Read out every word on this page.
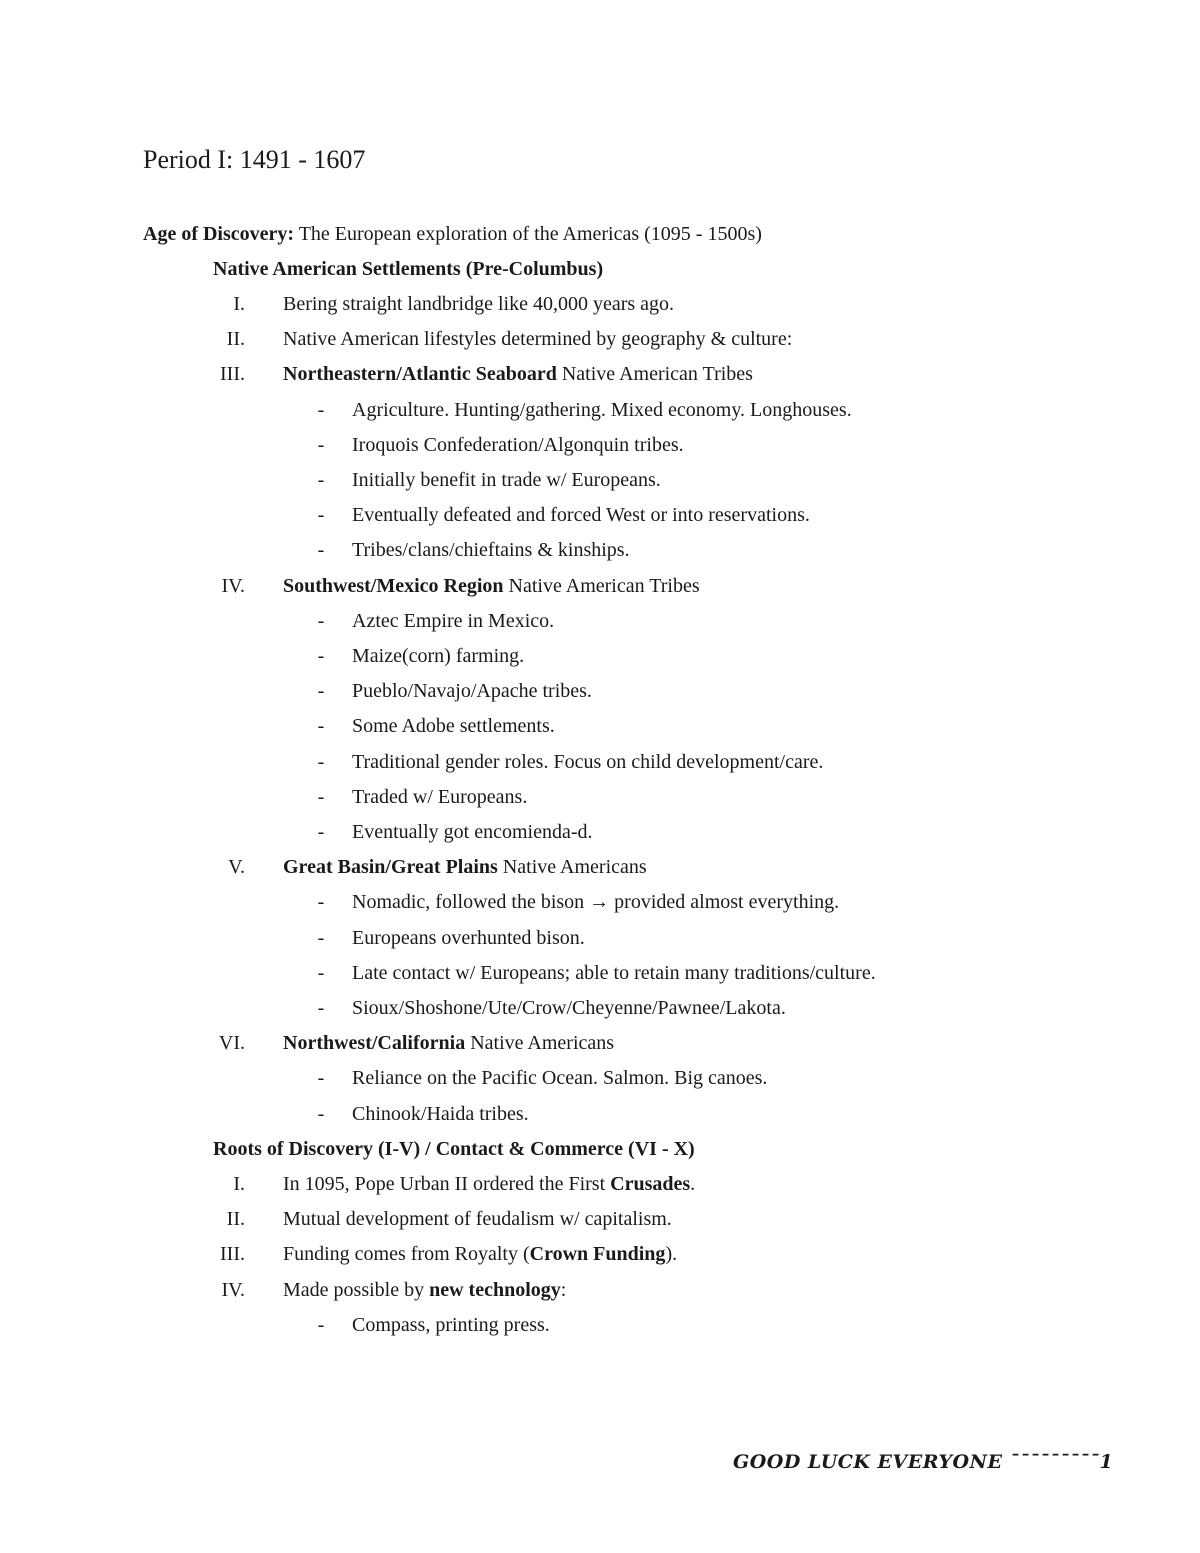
Period I: 1491 - 1607
Age of Discovery: The European exploration of the Americas (1095 - 1500s)
Native American Settlements (Pre-Columbus)
I. Bering straight landbridge like 40,000 years ago.
II. Native American lifestyles determined by geography & culture:
III. Northeastern/Atlantic Seaboard Native American Tribes
- Agriculture. Hunting/gathering. Mixed economy. Longhouses.
- Iroquois Confederation/Algonquin tribes.
- Initially benefit in trade w/ Europeans.
- Eventually defeated and forced West or into reservations.
- Tribes/clans/chieftains & kinships.
IV. Southwest/Mexico Region Native American Tribes
- Aztec Empire in Mexico.
- Maize(corn) farming.
- Pueblo/Navajo/Apache tribes.
- Some Adobe settlements.
- Traditional gender roles. Focus on child development/care.
- Traded w/ Europeans.
- Eventually got encomienda-d.
V. Great Basin/Great Plains Native Americans
- Nomadic, followed the bison → provided almost everything.
- Europeans overhunted bison.
- Late contact w/ Europeans; able to retain many traditions/culture.
- Sioux/Shoshone/Ute/Crow/Cheyenne/Pawnee/Lakota.
VI. Northwest/California Native Americans
- Reliance on the Pacific Ocean. Salmon. Big canoes.
- Chinook/Haida tribes.
Roots of Discovery (I-V) / Contact & Commerce (VI - X)
I. In 1095, Pope Urban II ordered the First Crusades.
II. Mutual development of feudalism w/ capitalism.
III. Funding comes from Royalty (Crown Funding).
IV. Made possible by new technology:
- Compass, printing press.
GOOD LUCK EVERYONE ¯¯¯¯¯¯¯¯¯1
